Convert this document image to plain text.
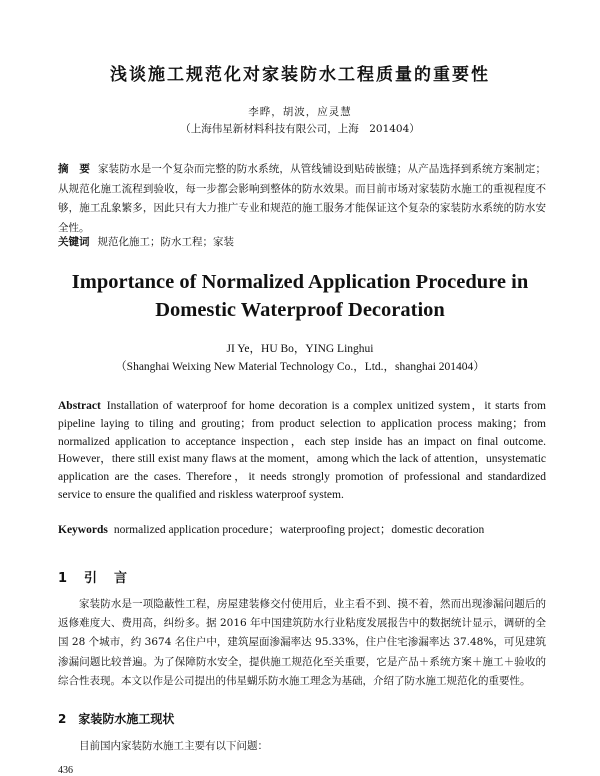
浅谈施工规范化对家装防水工程质量的重要性
李晔，胡波，应灵慧
（上海伟星新材料科技有限公司，上海　201404）
摘　要 家装防水是一个复杂而完整的防水系统，从管线铺设到贴砖嵌缝；从产品选择到系统方案制定；从规范化施工流程到验收，每一步都会影响到整体的防水效果。而目前市场对家装防水施工的重视程度不够，施工乱象繁多，因此只有大力推广专业和规范的施工服务才能保证这个复杂的家装防水系统的防水安全性。
关键词 规范化施工；防水工程；家装
Importance of Normalized Application Procedure in Domestic Waterproof Decoration
JI Ye，HU Bo，YING Linghui
（Shanghai Weixing New Material Technology Co.，Ltd.，shanghai 201404）
Abstract Installation of waterproof for home decoration is a complex unitized system，it starts from pipeline laying to tiling and grouting；from product selection to application process making；from normalized application to acceptance inspection，each step inside has an impact on final outcome. However，there still exist many flaws at the moment，among which the lack of attention，unsystematic application are the cases. Therefore，it needs strongly promotion of professional and standardized service to ensure the qualified and riskless waterproof system.
Keywords normalized application procedure；waterproofing project；domestic decoration
1　引　言
家装防水是一项隐蔽性工程，房屋建装修交付使用后，业主看不到、摸不着，然而出现渗漏问题后的返修难度大、费用高，纠纷多。据 2016 年中国建筑防水行业粘度发展报告中的数据统计显示，调研的全国 28 个城市，约 3674 名住户中，建筑屋面渗漏率达 95.33%，住户住宅渗漏率达 37.48%，可见建筑渗漏问题比较普遍。为了保障防水安全，提供施工规范化至关重要，它是产品＋系统方案＋施工＋验收的综合性表现。本文以作是公司提出的伟星蝴乐防水施工理念为基础，介绍了防水施工规范化的重要性。
2　家装防水施工现状
目前国内家装防水施工主要有以下问题：
436
